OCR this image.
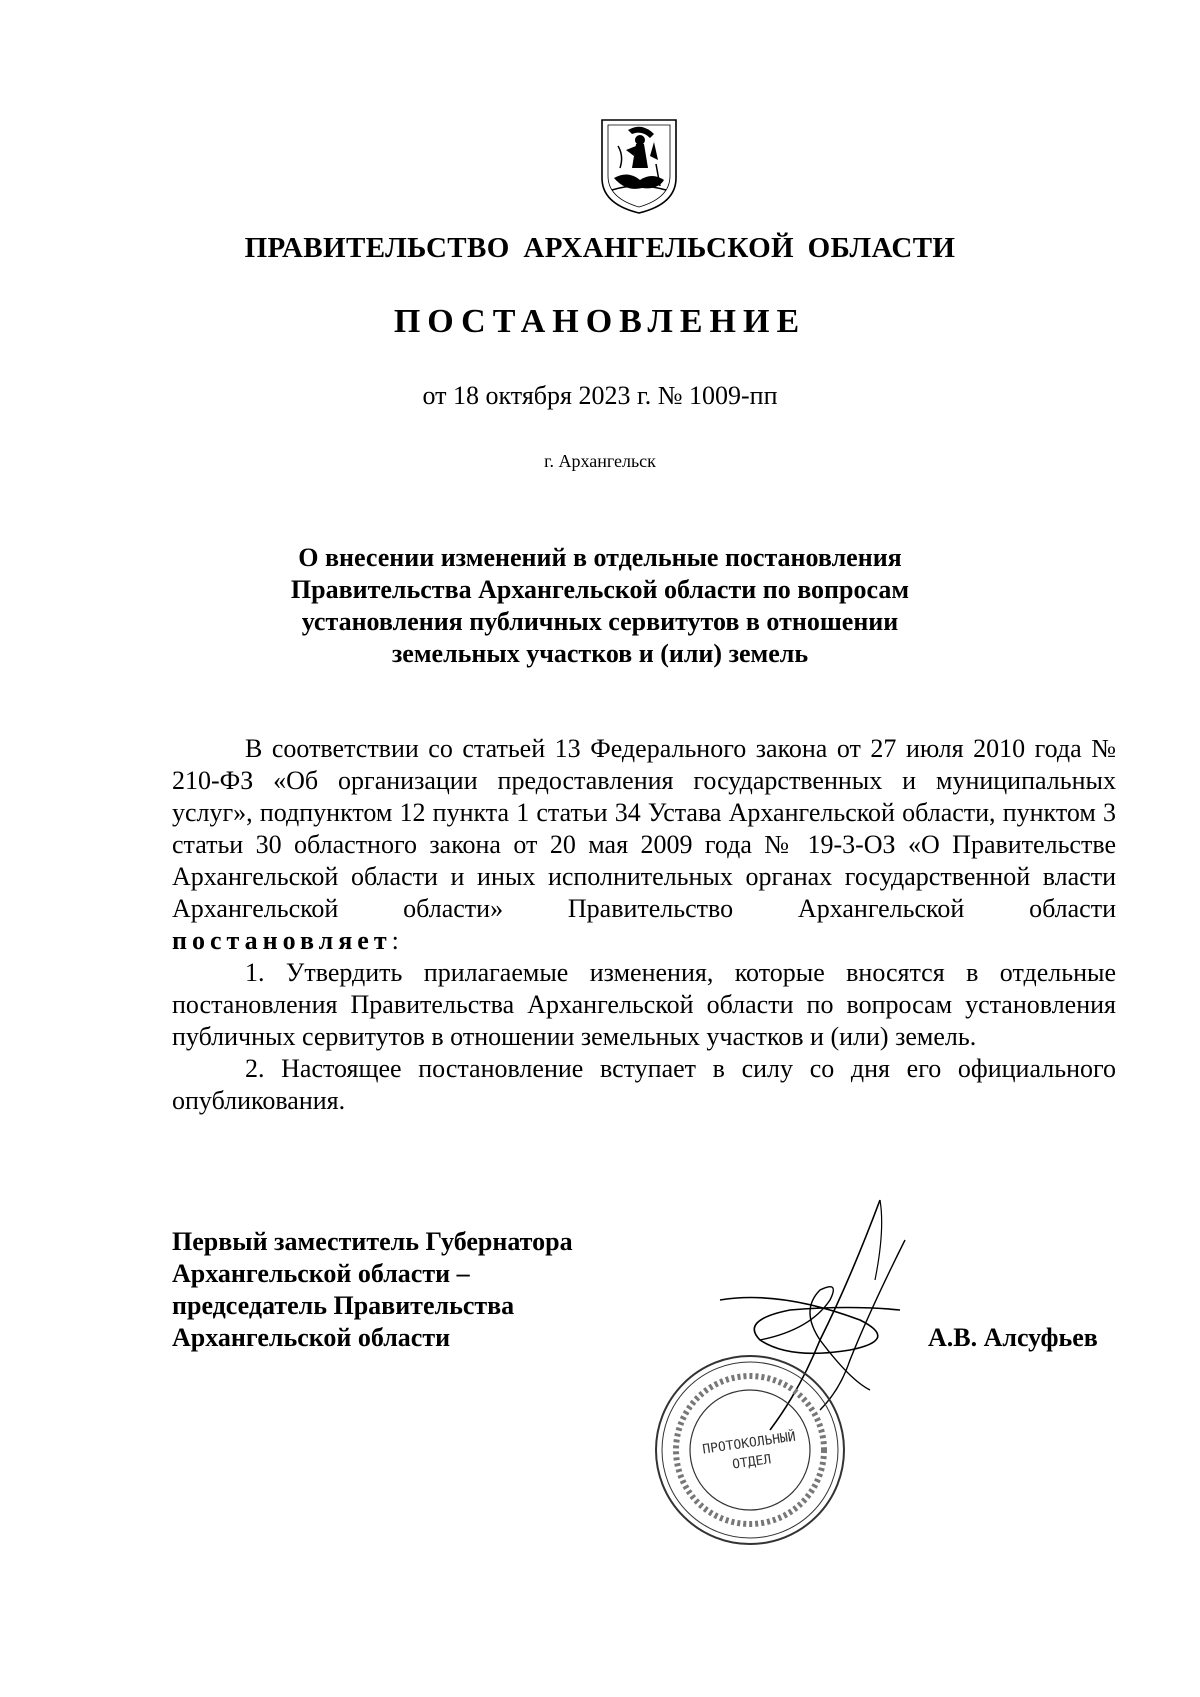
ПРАВИТЕЛЬСТВО АРХАНГЕЛЬСКОЙ ОБЛАСТИ
ПОСТАНОВЛЕНИЕ
от 18 октября 2023 г. № 1009-пп
г. Архангельск
О внесении изменений в отдельные постановления
Правительства Архангельской области по вопросам
установления публичных сервитутов в отношении
земельных участков и (или) земель

В соответствии со статьей 13 Федерального закона от 27 июля 2010 года № 210-ФЗ «Об организации предоставления государственных и муниципальных услуг», подпунктом 12 пункта 1 статьи 34 Устава Архангельской области, пунктом 3 статьи 30 областного закона от 20 мая 2009 года № 19-3-ОЗ «О Правительстве Архангельской области и иных исполнительных органах государственной власти Архангельской области» Правительство Архангельской области постановляет:

1. Утвердить прилагаемые изменения, которые вносятся в отдельные постановления Правительства Архангельской области по вопросам установления публичных сервитутов в отношении земельных участков и (или) земель.

2. Настоящее постановление вступает в силу со дня его официального опубликования.

ПРОТОКОЛЬНЫЙ
ОТДЕЛ
Первый заместитель Губернатора
Архангельской области –
председатель Правительства
Архангельской области	А.В. Алсуфьев
